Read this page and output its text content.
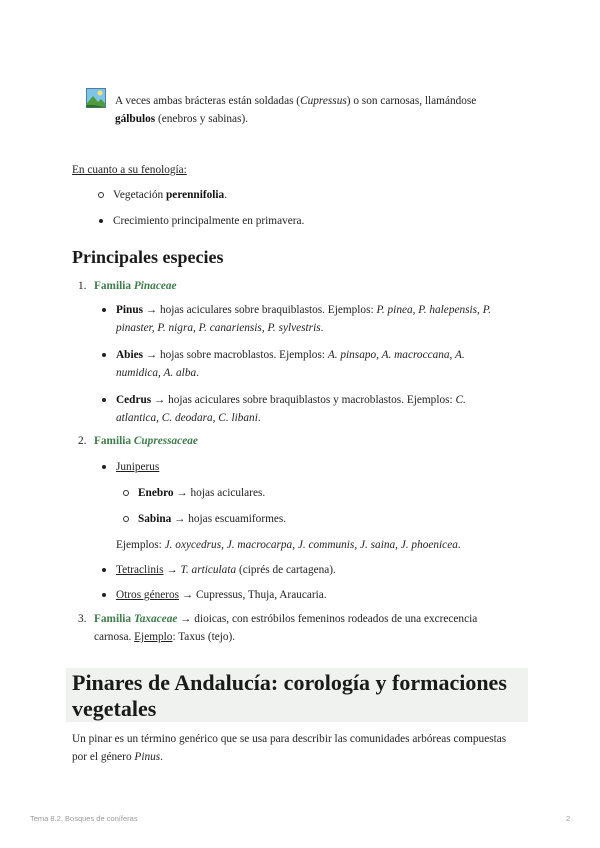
A veces ambas brácteras están soldadas (Cupressus) o son carnosas, llamándose
gálbulos (enebros y sabinas).
En cuanto a su fenología:
Vegetación perennifolia.
Crecimiento principalmente en primavera.
Principales especies
1. Familia Pinaceae
Pinus → hojas aciculares sobre braquiblastos. Ejemplos: P. pinea, P. halepensis, P.
pinaster, P. nigra, P. canariensis, P. sylvestris.
Abies → hojas sobre macroblastos. Ejemplos: A. pinsapo, A. macroccana, A.
numidica, A. alba.
Cedrus → hojas aciculares sobre braquiblastos y macroblastos. Ejemplos: C.
atlantica, C. deodara, C. libani.
2. Familia Cupressaceae
Juniperus
Enebro → hojas aciculares.
Sabina → hojas escuamiformes.
Ejemplos: J. oxycedrus, J. macrocarpa, J. communis, J. saina, J. phoenicea.
Tetraclinis → T. articulata (ciprés de cartagena).
Otros géneros → Cupressus, Thuja, Araucaria.
3. Familia Taxaceae → dioicas, con estróbilos femeninos rodeados de una excrecencia
carnosa. Ejemplo: Taxus (tejo).
Pinares de Andalucía: corología y formaciones vegetales
Un pinar es un término genérico que se usa para describir las comunidades arbóreas compuestas por el género Pinus.
Tema 8.2. Bosques de coníferas	2
